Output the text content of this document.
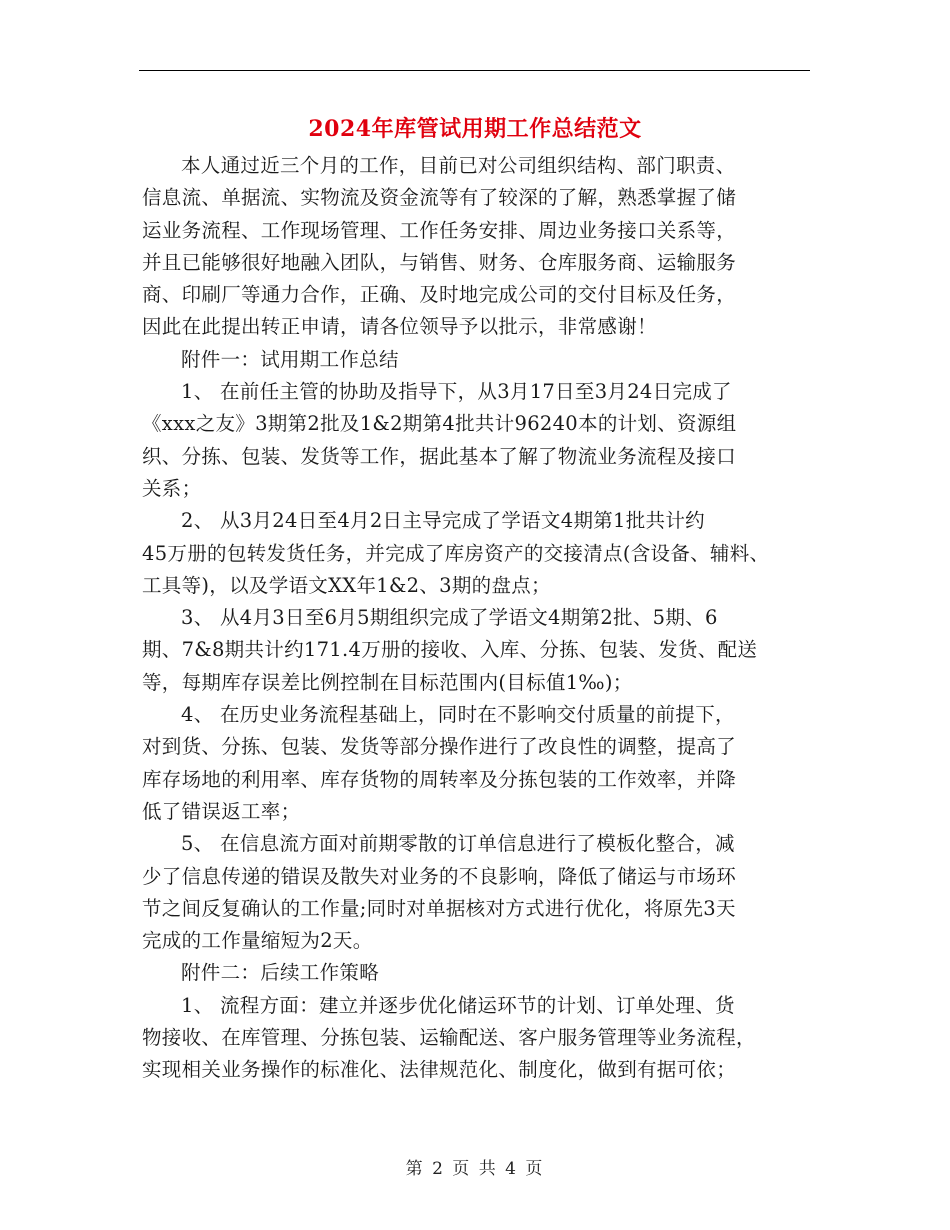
2024年库管试用期工作总结范文

本人通过近三个月的工作，目前已对公司组织结构、部门职责、
信息流、单据流、实物流及资金流等有了较深的了解，熟悉掌握了储
运业务流程、工作现场管理、工作任务安排、周边业务接口关系等，
并且已能够很好地融入团队，与销售、财务、仓库服务商、运输服务
商、印刷厂等通力合作，正确、及时地完成公司的交付目标及任务，
因此在此提出转正申请，请各位领导予以批示，非常感谢！

附件一：试用期工作总结

1、 在前任主管的协助及指导下，从3月17日至3月24日完成了
《xxx之友》3期第2批及1&2期第4批共计96240本的计划、资源组
织、分拣、包装、发货等工作，据此基本了解了物流业务流程及接口
关系；

2、 从3月24日至4月2日主导完成了学语文4期第1批共计约
45万册的包转发货任务，并完成了库房资产的交接清点(含设备、辅料、
工具等)，以及学语文XX年1&2、3期的盘点；

3、 从4月3日至6月5期组织完成了学语文4期第2批、5期、6
期、7&8期共计约171.4万册的接收、入库、分拣、包装、发货、配送
等，每期库存误差比例控制在目标范围内(目标值1‰)；

4、 在历史业务流程基础上，同时在不影响交付质量的前提下，
对到货、分拣、包装、发货等部分操作进行了改良性的调整，提高了
库存场地的利用率、库存货物的周转率及分拣包装的工作效率，并降
低了错误返工率；

5、 在信息流方面对前期零散的订单信息进行了模板化整合，减
少了信息传递的错误及散失对业务的不良影响，降低了储运与市场环
节之间反复确认的工作量;同时对单据核对方式进行优化，将原先3天
完成的工作量缩短为2天。

附件二：后续工作策略

1、 流程方面：建立并逐步优化储运环节的计划、订单处理、货
物接收、在库管理、分拣包装、运输配送、客户服务管理等业务流程，
实现相关业务操作的标准化、法律规范化、制度化，做到有据可依；

第 2 页 共 4 页
